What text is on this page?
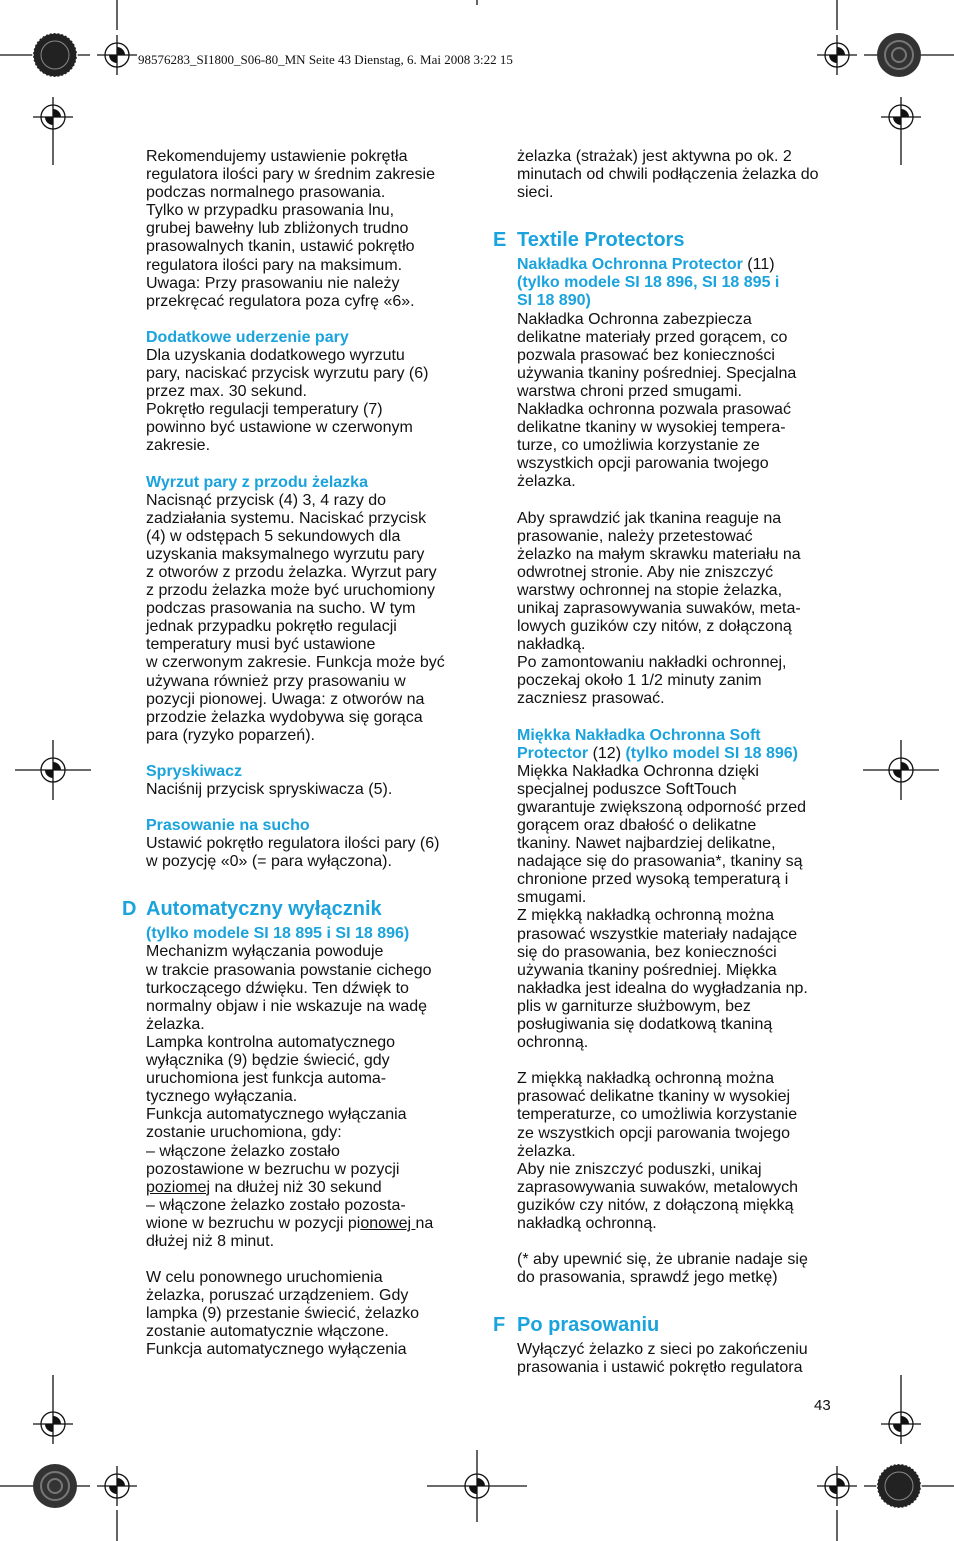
98576283_SI1800_S06-80_MN Seite 43 Dienstag, 6. Mai 2008 3:22 15

Rekomendujemy ustawienie pokrętła
regulatora ilości pary w średnim zakresie
podczas normalnego prasowania.
Tylko w przypadku prasowania lnu,
grubej bawełny lub zbliżonych trudno
prasowalnych tkanin, ustawić pokrętło
regulatora ilości pary na maksimum.
Uwaga: Przy prasowaniu nie należy
przekręcać regulatora poza cyfrę «6».

Dodatkowe uderzenie pary

Dla uzyskania dodatkowego wyrzutu
pary, naciskać przycisk wyrzutu pary (6)
przez max. 30 sekund.
Pokrętło regulacji temperatury (7)
powinno być ustawione w czerwonym
zakresie.

Wyrzut pary z przodu żelazka

Nacisnąć przycisk (4) 3, 4 razy do
zadziałania systemu. Naciskać przycisk
(4) w odstępach 5 sekundowych dla
uzyskania maksymalnego wyrzutu pary
z otworów z przodu żelazka. Wyrzut pary
z przodu żelazka może być uruchomiony
podczas prasowania na sucho. W tym
jednak przypadku pokrętło regulacji
temperatury musi być ustawione
w czerwonym zakresie. Funkcja może być
używana również przy prasowaniu w
pozycji pionowej. Uwaga: z otworów na
przodzie żelazka wydobywa się gorąca
para (ryzyko poparzeń).

Spryskiwacz

Naciśnij przycisk spryskiwacza (5).

Prasowanie na sucho

Ustawić pokrętło regulatora ilości pary (6)
w pozycję «0» (= para wyłączona).

D Automatyczny wyłącznik

(tylko modele SI 18 895 i SI 18 896)

Mechanizm wyłączania powoduje
w trakcie prasowania powstanie cichego
turkoczącego dźwięku. Ten dźwięk to
normalny objaw i nie wskazuje na wadę
żelazka.
Lampka kontrolna automatycznego
wyłącznika (9) będzie świecić, gdy
uruchomiona jest funkcja automa-
tycznego wyłączania.
Funkcja automatycznego wyłączania
zostanie uruchomiona, gdy:

– włączone żelazko zostało
pozostawione w bezruchu w pozycji
poziomej na dłużej niż 30 sekund

– włączone żelazko zostało pozosta-
wione w bezruchu w pozycji pionowej na
dłużej niż 8 minut.

W celu ponownego uruchomienia
żelazka, poruszać urządzeniem. Gdy
lampka (9) przestanie świecić, żelazko
zostanie automatycznie włączone.
Funkcja automatycznego wyłączenia

żelazka (strażak) jest aktywna po ok. 2
minutach od chwili podłączenia żelazka do
sieci.

E Textile Protectors

Nakładka Ochronna Protector (11)

(tylko modele SI 18 896, SI 18 895 i
SI 18 890)

Nakładka Ochronna zabezpiecza
delikatne materiały przed gorącem, co
pozwala prasować bez konieczności
używania tkaniny pośredniej. Specjalna
warstwa chroni przed smugami.
Nakładka ochronna pozwala prasować
delikatne tkaniny w wysokiej tempera-
turze, co umożliwia korzystanie ze
wszystkich opcji parowania twojego
żelazka.

Aby sprawdzić jak tkanina reaguje na
prasowanie, należy przetestować
żelazko na małym skrawku materiału na
odwrotnej stronie. Aby nie zniszczyć
warstwy ochronnej na stopie żelazka,
unikaj zaprasowywania suwaków, meta-
lowych guzików czy nitów, z dołączoną
nakładką.
Po zamontowaniu nakładki ochronnej,
poczekaj około 1 1/2 minuty zanim
zaczniesz prasować.

Miękka Nakładka Ochronna Soft
Protector (12) (tylko model SI 18 896)

Miękka Nakładka Ochronna dzięki
specjalnej poduszce SoftTouch
gwarantuje zwiększoną odporność przed
gorącem oraz dbałość o delikatne
tkaniny. Nawet najbardziej delikatne,
nadające się do prasowania*, tkaniny są
chronione przed wysoką temperaturą i
smugami.
Z miękką nakładką ochronną można
prasować wszystkie materiały nadające
się do prasowania, bez konieczności
używania tkaniny pośredniej. Miękka
nakładka jest idealna do wygładzania np.
plis w garniturze służbowym, bez
posługiwania się dodatkową tkaniną
ochronną.

Z miękką nakładką ochronną można
prasować delikatne tkaniny w wysokiej
temperaturze, co umożliwia korzystanie
ze wszystkich opcji parowania twojego
żelazka.
Aby nie zniszczyć poduszki, unikaj
zaprasowywania suwaków, metalowych
guzików czy nitów, z dołączoną miękką
nakładką ochronną.

(* aby upewnić się, że ubranie nadaje się
do prasowania, sprawdź jego metkę)

F Po prasowaniu

Wyłączyć żelazko z sieci po zakończeniu
prasowania i ustawić pokrętło regulatora

43
